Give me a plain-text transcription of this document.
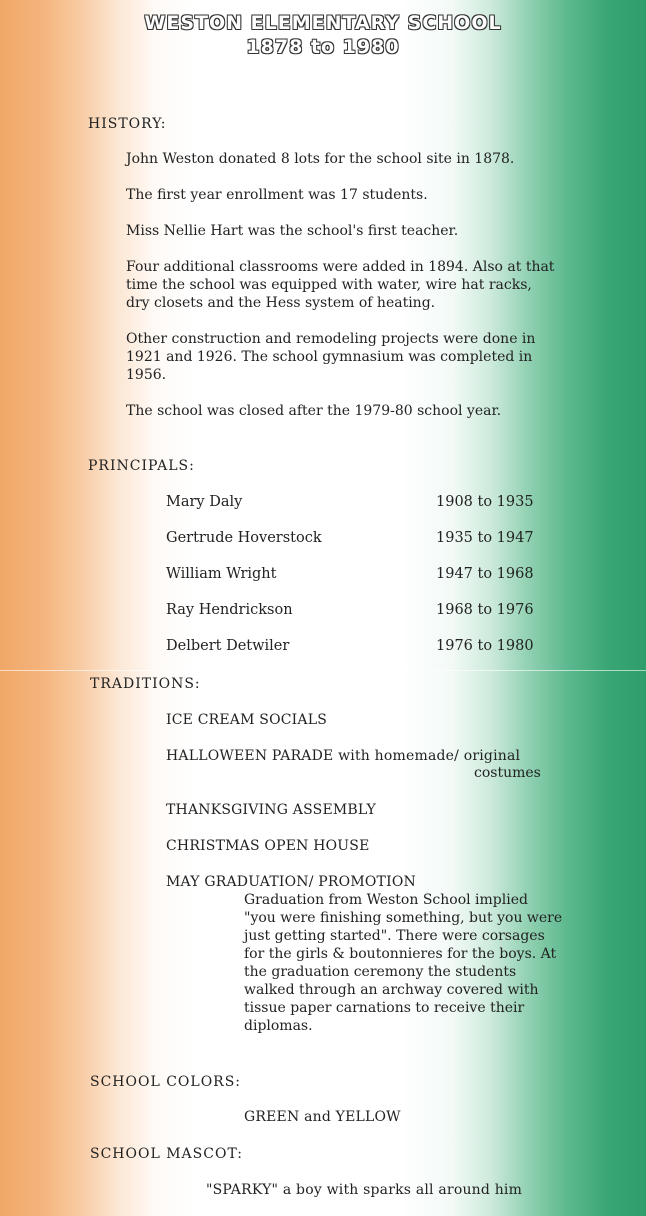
WESTON ELEMENTARY SCHOOL
1878 to 1980
HISTORY:
John Weston donated 8 lots for the school site in 1878.
The first year enrollment was 17 students.
Miss Nellie Hart was the school's first teacher.
Four additional classrooms were added in 1894. Also at that time the school was equipped with water, wire hat racks, dry closets and the Hess system of heating.
Other construction and remodeling projects were done in 1921 and 1926. The school gymnasium was completed in 1956.
The school was closed after the 1979-80 school year.
PRINCIPALS:
Mary Daly	1908 to 1935
Gertrude Hoverstock	1935 to 1947
William Wright	1947 to 1968
Ray Hendrickson	1968 to 1976
Delbert Detwiler	1976 to 1980
TRADITIONS:
ICE CREAM SOCIALS
HALLOWEEN PARADE with homemade/ original
costumes
THANKSGIVING ASSEMBLY
CHRISTMAS OPEN HOUSE
MAY GRADUATION/ PROMOTION
Graduation from Weston School implied "you were finishing something, but you were just getting started". There were corsages for the girls & boutonnieres for the boys. At the graduation ceremony the students walked through an archway covered with tissue paper carnations to receive their diplomas.
SCHOOL COLORS:
GREEN and YELLOW
SCHOOL MASCOT:
"SPARKY" a boy with sparks all around him
